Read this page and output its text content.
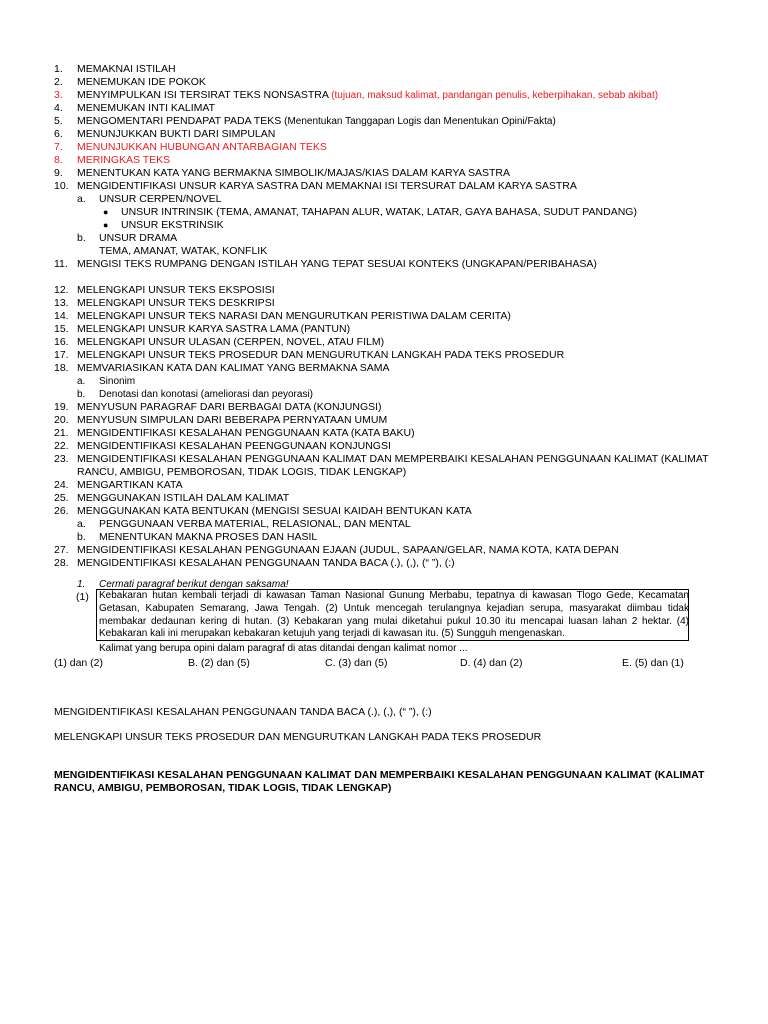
1. MEMAKNAI ISTILAH
2. MENEMUKAN IDE POKOK
3. MENYIMPULKAN ISI TERSIRAT TEKS NONSASTRA (tujuan, maksud kalimat, pandangan penulis, keberpihakan, sebab akibat)
4. MENEMUKAN INTI KALIMAT
5. MENGOMENTARI PENDAPAT PADA TEKS (Menentukan Tanggapan Logis dan Menentukan Opini/Fakta)
6. MENUNJUKKAN BUKTI DARI SIMPULAN
7. MENUNJUKKAN HUBUNGAN ANTARBAGIAN TEKS
8. MERINGKAS TEKS
9. MENENTUKAN KATA YANG BERMAKNA SIMBOLIK/MAJAS/KIAS DALAM KARYA SASTRA
10. MENGIDENTIFIKASI UNSUR KARYA SASTRA DAN MEMAKNAI ISI TERSURAT DALAM KARYA SASTRA
a. UNSUR CERPEN/NOVEL
● UNSUR INTRINSIK (TEMA, AMANAT, TAHAPAN ALUR, WATAK, LATAR, GAYA BAHASA, SUDUT PANDANG)
● UNSUR EKSTRINSIK
b. UNSUR DRAMA
TEMA, AMANAT, WATAK, KONFLIK
11. MENGISI TEKS RUMPANG DENGAN ISTILAH YANG TEPAT SESUAI KONTEKS (UNGKAPAN/PERIBAHASA)
12. MELENGKAPI UNSUR TEKS EKSPOSISI
13. MELENGKAPI UNSUR TEKS DESKRIPSI
14. MELENGKAPI UNSUR TEKS NARASI DAN MENGURUTKAN PERISTIWA DALAM CERITA)
15. MELENGKAPI UNSUR KARYA SASTRA LAMA (PANTUN)
16. MELENGKAPI UNSUR ULASAN (CERPEN, NOVEL, ATAU FILM)
17. MELENGKAPI UNSUR TEKS PROSEDUR DAN MENGURUTKAN LANGKAH PADA TEKS PROSEDUR
18. MEMVARIASIKAN KATA DAN KALIMAT YANG BERMAKNA SAMA
a. Sinonim
b. Denotasi dan konotasi (ameliorasi dan peyorasi)
19. MENYUSUN PARAGRAF DARI BERBAGAI DATA (KONJUNGSI)
20. MENYUSUN SIMPULAN DARI BEBERAPA PERNYATAAN UMUM
21. MENGIDENTIFIKASI KESALAHAN PENGGUNAAN KATA (KATA BAKU)
22. MENGIDENTIFIKASI KESALAHAN PEENGGUNAAN KONJUNGSI
23. MENGIDENTIFIKASI KESALAHAN PENGGUNAAN KALIMAT DAN MEMPERBAIKI KESALAHAN PENGGUNAAN KALIMAT (KALIMAT
RANCU, AMBIGU, PEMBOROSAN, TIDAK LOGIS, TIDAK LENGKAP)
24. MENGARTIKAN KATA
25. MENGGUNAKAN ISTILAH DALAM KALIMAT
26. MENGGUNAKAN KATA BENTUKAN (MENGISI SESUAI KAIDAH BENTUKAN KATA
a. PENGGUNAAN VERBA MATERIAL, RELASIONAL, DAN MENTAL
b. MENENTUKAN MAKNA PROSES DAN HASIL
27. MENGIDENTIFIKASI KESALAHAN PENGGUNAAN EJAAN (JUDUL, SAPAAN/GELAR, NAMA KOTA, KATA DEPAN
28. MENGIDENTIFIKASI KESALAHAN PENGGUNAAN TANDA BACA (.), (,), (“ ”), (:)
1. Cermati paragraf berikut dengan saksama!
(1) Kebakaran hutan kembali terjadi di kawasan Taman Nasional Gunung Merbabu, tepatnya di kawasan Tlogo Gede, Kecamatan Getasan, Kabupaten Semarang, Jawa Tengah. (2) Untuk mencegah terulangnya kejadian serupa, masyarakat diimbau tidak membakar dedaunan kering di hutan. (3) Kebakaran yang mulai diketahui pukul 10.30 itu mencapai luasan lahan 2 hektar. (4) Kebakaran kali ini merupakan kebakaran ketujuh yang terjadi di kawasan itu. (5) Sungguh mengenaskan.
Kalimat yang berupa opini dalam paragraf di atas ditandai dengan kalimat nomor ...
(1) dan (2)	B. (2) dan (5)	C. (3) dan (5)	D. (4) dan (2)	E. (5) dan (1)
MENGIDENTIFIKASI KESALAHAN PENGGUNAAN TANDA BACA (.), (,), (“ ”), (:)
MELENGKAPI UNSUR TEKS PROSEDUR DAN MENGURUTKAN LANGKAH PADA TEKS PROSEDUR
MENGIDENTIFIKASI KESALAHAN PENGGUNAAN KALIMAT DAN MEMPERBAIKI KESALAHAN PENGGUNAAN KALIMAT (KALIMAT
RANCU, AMBIGU, PEMBOROSAN, TIDAK LOGIS, TIDAK LENGKAP)
